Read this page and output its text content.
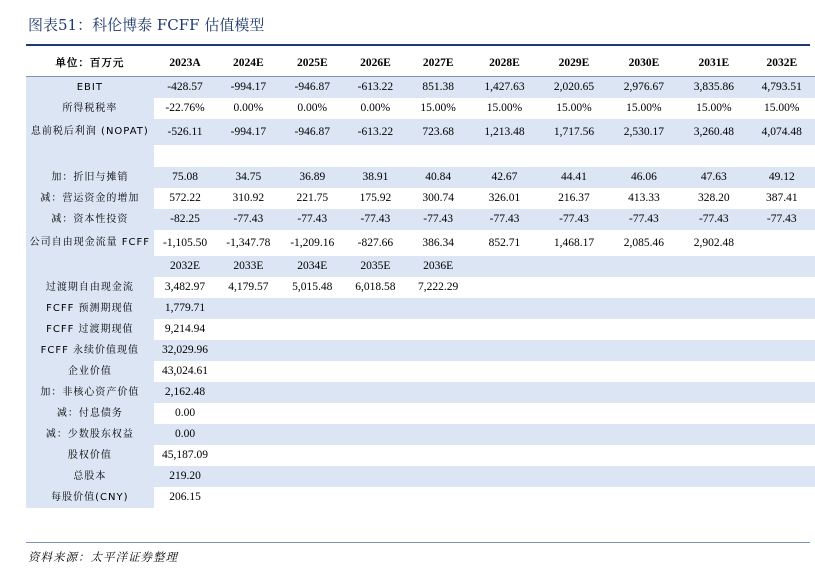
图表51：科伦博泰 FCFF 估值模型
单位：百万元	2023A	2024E	2025E	2026E	2027E	2028E	2029E	2030E	2031E	2032E
EBIT	-428.57	-994.17	-946.87	-613.22	851.38	1,427.63	2,020.65	2,976.67	3,835.86	4,793.51
所得税税率	-22.76%	0.00%	0.00%	0.00%	15.00%	15.00%	15.00%	15.00%	15.00%	15.00%
息前税后利润 (NOPAT)	-526.11	-994.17	-946.87	-613.22	723.68	1,213.48	1,717.56	2,530.17	3,260.48	4,074.48

加：折旧与摊销	75.08	34.75	36.89	38.91	40.84	42.67	44.41	46.06	47.63	49.12
减：营运资金的增加	572.22	310.92	221.75	175.92	300.74	326.01	216.37	413.33	328.20	387.41
减：资本性投资	-82.25	-77.43	-77.43	-77.43	-77.43	-77.43	-77.43	-77.43	-77.43	-77.43
公司自由现金流量 FCFF	-1,105.50	-1,347.78	-1,209.16	-827.66	386.34	852.71	1,468.17	2,085.46	2,902.48	
	2032E	2033E	2034E	2035E	2036E					
过渡期自由现金流	3,482.97	4,179.57	5,015.48	6,018.58	7,222.29					
FCFF 预测期现值	1,779.71									
FCFF 过渡期现值	9,214.94									
FCFF 永续价值现值	32,029.96									
企业价值	43,024.61									
加：非核心资产价值	2,162.48									
减：付息债务	0.00									
减：少数股东权益	0.00									
股权价值	45,187.09									
总股本	219.20									
每股价值(CNY)	206.15									
资料来源：太平洋证券整理
